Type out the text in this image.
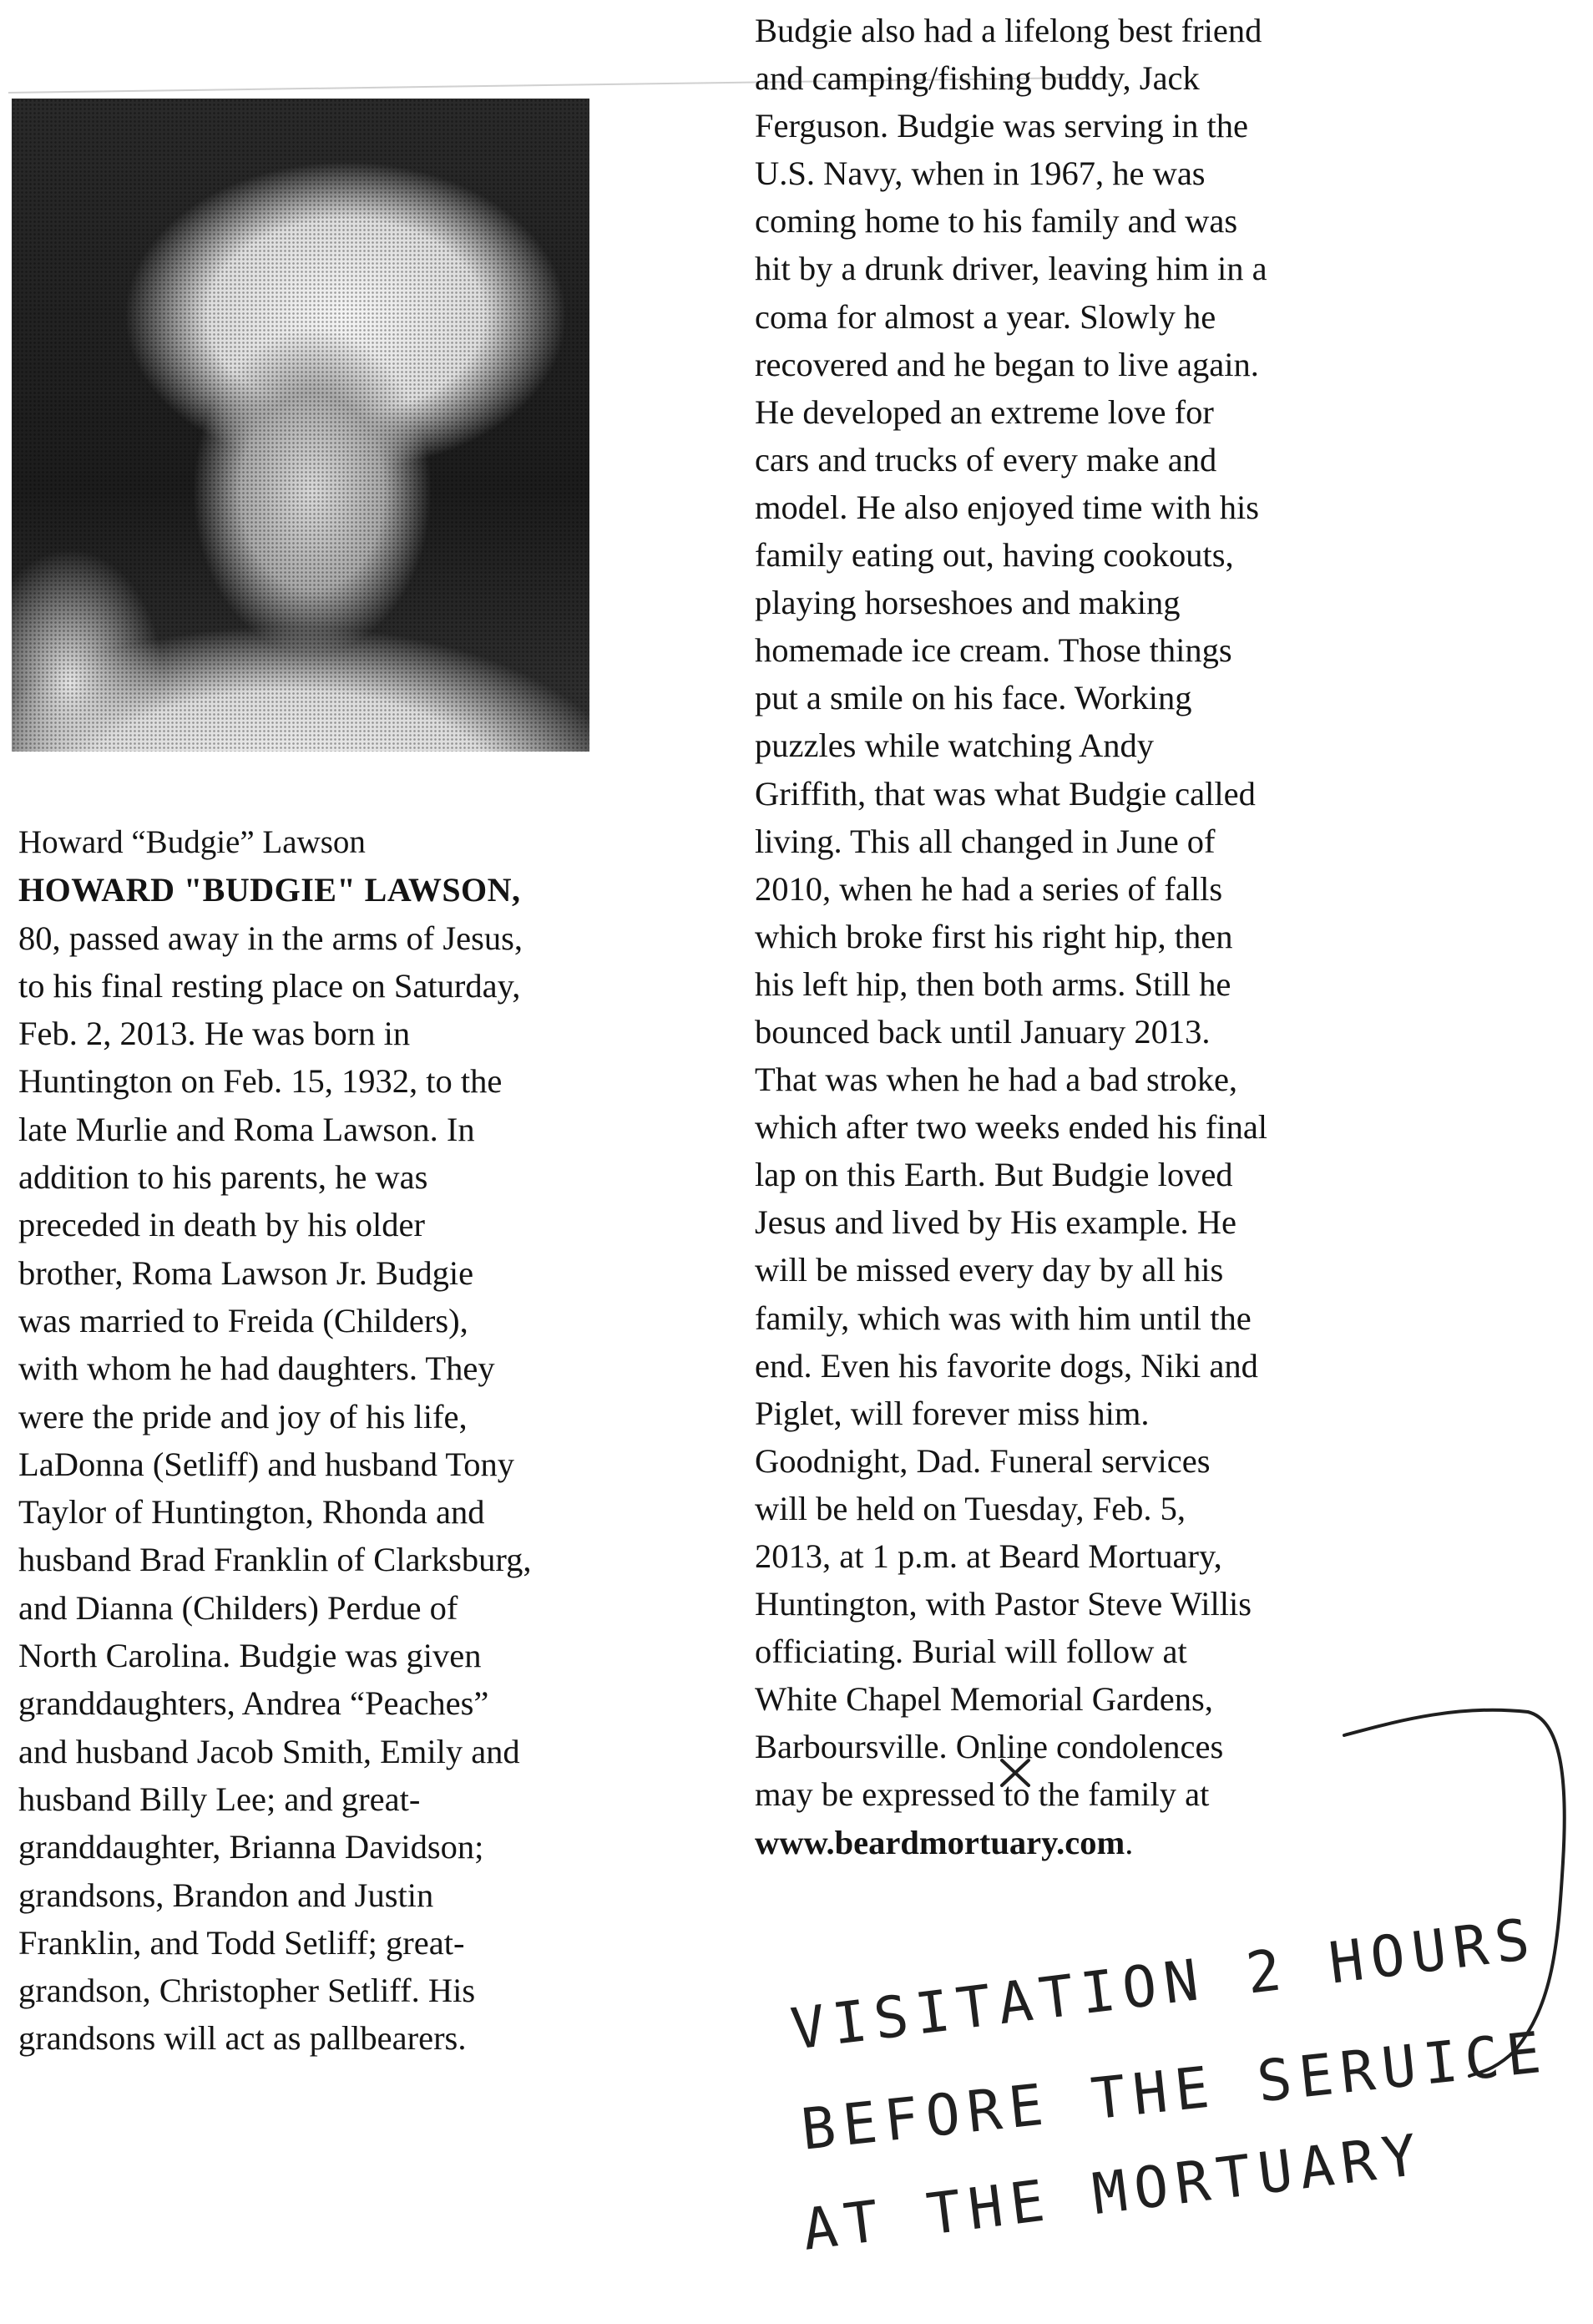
Howard “Budgie” Lawson

HOWARD "BUDGIE" LAWSON,

80, passed away in the arms of Jesus,

to his final resting place on Saturday,

Feb. 2, 2013. He was born in

Huntington on Feb. 15, 1932, to the

late Murlie and Roma Lawson. In

addition to his parents, he was

preceded in death by his older

brother, Roma Lawson Jr. Budgie

was married to Freida (Childers),

with whom he had daughters. They

were the pride and joy of his life,

LaDonna (Setliff) and husband Tony

Taylor of Huntington, Rhonda and

husband Brad Franklin of Clarksburg,

and Dianna (Childers) Perdue of

North Carolina. Budgie was given

granddaughters, Andrea “Peaches”

and husband Jacob Smith, Emily and

husband Billy Lee; and great-

granddaughter, Brianna Davidson;

grandsons, Brandon and Justin

Franklin, and Todd Setliff; great-

grandson, Christopher Setliff. His

grandsons will act as pallbearers.

Budgie also had a lifelong best friend

and camping/fishing buddy, Jack

Ferguson. Budgie was serving in the

U.S. Navy, when in 1967, he was

coming home to his family and was

hit by a drunk driver, leaving him in a

coma for almost a year. Slowly he

recovered and he began to live again.

He developed an extreme love for

cars and trucks of every make and

model. He also enjoyed time with his

family eating out, having cookouts,

playing horseshoes and making

homemade ice cream. Those things

put a smile on his face. Working

puzzles while watching Andy

Griffith, that was what Budgie called

living. This all changed in June of

2010, when he had a series of falls

which broke first his right hip, then

his left hip, then both arms. Still he

bounced back until January 2013.

That was when he had a bad stroke,

which after two weeks ended his final

lap on this Earth. But Budgie loved

Jesus and lived by His example. He

will be missed every day by all his

family, which was with him until the

end. Even his favorite dogs, Niki and

Piglet, will forever miss him.

Goodnight, Dad. Funeral services

will be held on Tuesday, Feb. 5,

2013, at 1 p.m. at Beard Mortuary,

Huntington, with Pastor Steve Willis

officiating. Burial will follow at

White Chapel Memorial Gardens,

Barboursville. Online condolences

may be expressed to the family at

www.beardmortuary.com.

VISITATION 2 HOURS
BEFORE THE SERUICE
AT THE MORTUARY
